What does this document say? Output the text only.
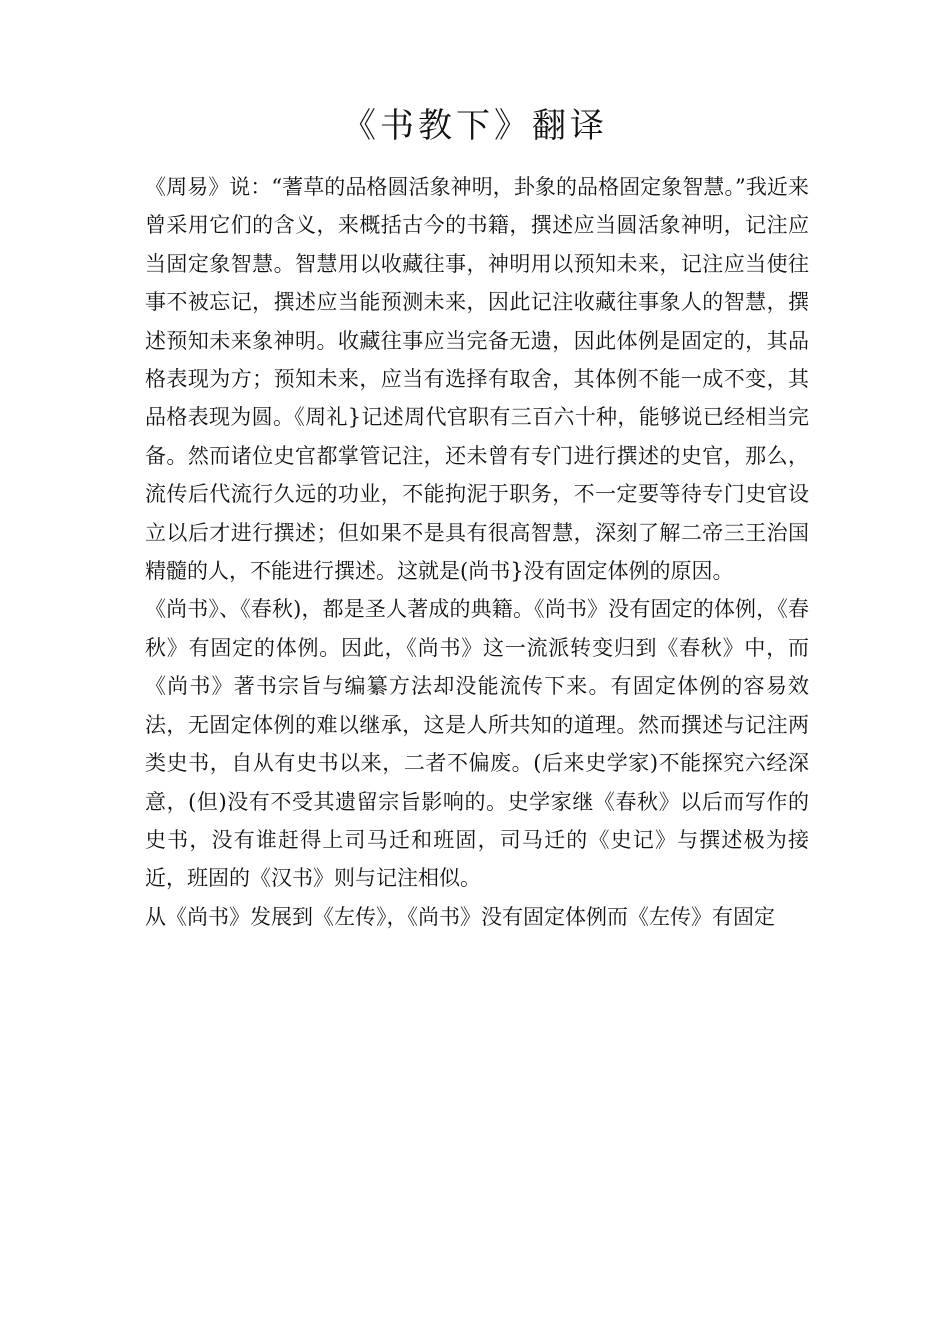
《书教下》翻译

《周易》说：“蓍草的品格圆活象神明，卦象的品格固定象智慧。”我近来曾采用它们的含义，来概括古今的书籍，撰述应当圆活象神明，记注应当固定象智慧。智慧用以收藏往事，神明用以预知未来，记注应当使往事不被忘记，撰述应当能预测未来，因此记注收藏往事象人的智慧，撰述预知未来象神明。收藏往事应当完备无遗，因此体例是固定的，其品格表现为方；预知未来，应当有选择有取舍，其体例不能一成不变，其品格表现为圆。《周礼}记述周代官职有三百六十种，能够说已经相当完备。然而诸位史官都掌管记注，还未曾有专门进行撰述的史官，那么，流传后代流行久远的功业，不能拘泥于职务，不一定要等待专门史官设立以后才进行撰述；但如果不是具有很高智慧，深刻了解二帝三王治国精髓的人，不能进行撰述。这就是(尚书}没有固定体例的原因。

《尚书》、《春秋)，都是圣人著成的典籍。《尚书》没有固定的体例，《春秋》有固定的体例。因此，《尚书》这一流派转变归到《春秋》中，而《尚书》著书宗旨与编纂方法却没能流传下来。有固定体例的容易效法，无固定体例的难以继承，这是人所共知的道理。然而撰述与记注两类史书，自从有史书以来，二者不偏废。(后来史学家)不能探究六经深意，(但)没有不受其遗留宗旨影响的。史学家继《春秋》以后而写作的史书，没有谁赶得上司马迁和班固，司马迁的《史记》与撰述极为接近，班固的《汉书》则与记注相似。

从《尚书》发展到《左传》，《尚书》没有固定体例而《左传》有固定
